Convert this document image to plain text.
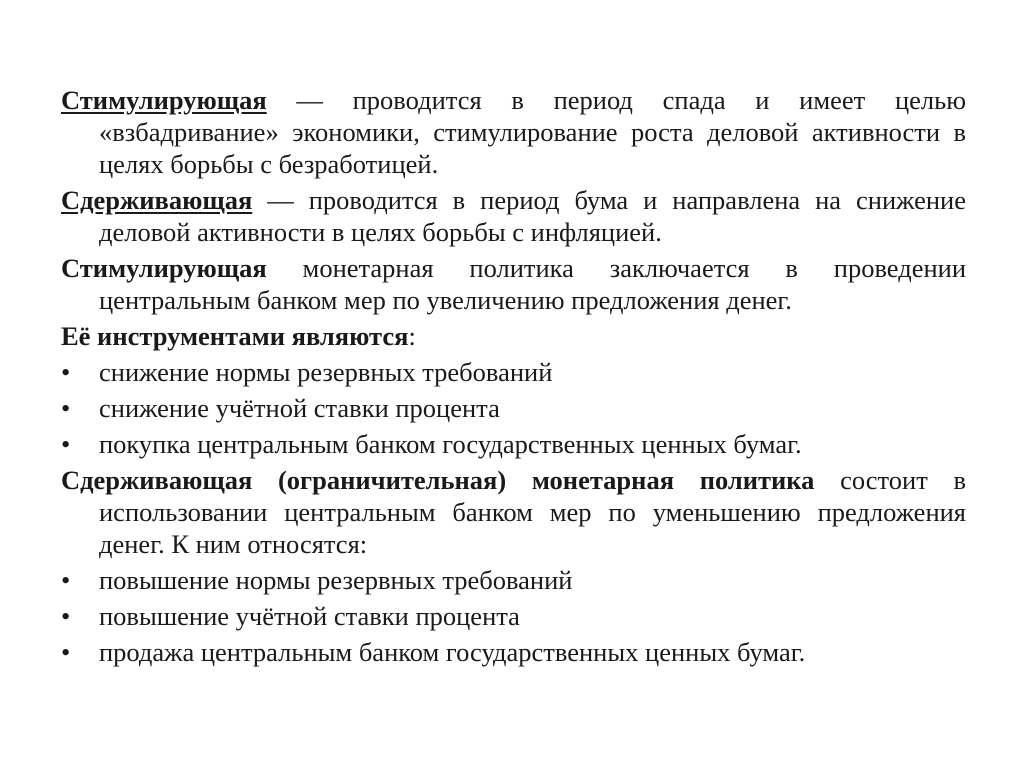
Стимулирующая — проводится в период спада и имеет целью «взбадривание» экономики, стимулирование роста деловой активности в целях борьбы с безработицей.

Сдерживающая — проводится в период бума и направлена на снижение деловой активности в целях борьбы с инфляцией.

Стимулирующая монетарная политика заключается в проведении центральным банком мер по увеличению предложения денег.

Её инструментами являются:

•	снижение нормы резервных требований
•	снижение учётной ставки процента
•	покупка центральным банком государственных ценных бумаг.

Сдерживающая (ограничительная) монетарная политика состоит в использовании центральным банком мер по уменьшению предложения денег. К ним относятся:

•	повышение нормы резервных требований
•	повышение учётной ставки процента
•	продажа центральным банком государственных ценных бумаг.
